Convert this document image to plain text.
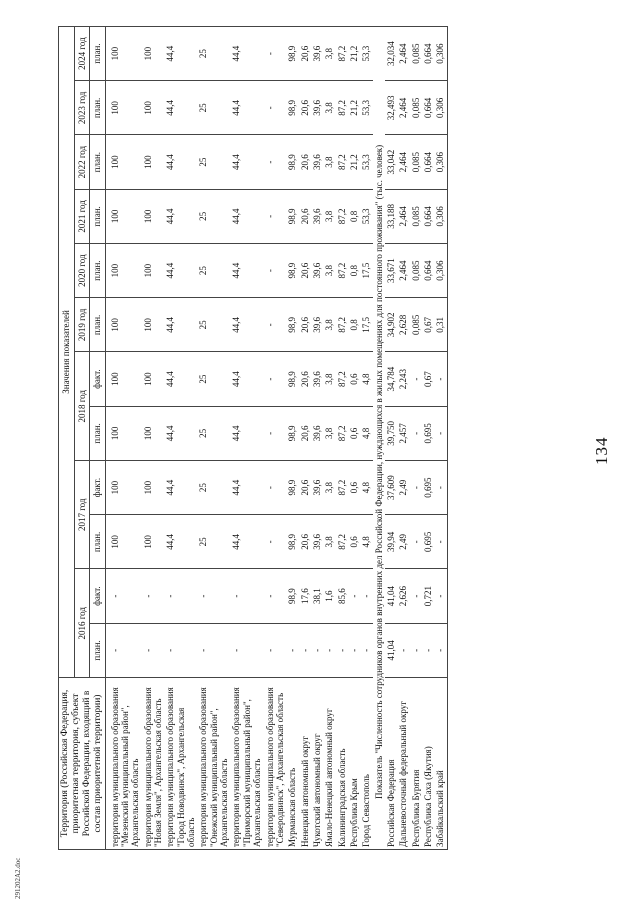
134
291202A2.doc
Территория (Российская Федерация, приоритетная территория, субъект Российской Федерации, входящий в состав приоритетной территории)	Значения показателей											
	2016 год		2017 год		2018 год		2019 год	2020 год	2021 год	2022 год	2023 год	2024 год
	план.	факт.	план.	факт.	план.	факт.	план.	план.	план.	план.	план.	план.
территория муниципального образования "Мезенский муниципальный район", Архангельская область	-	-	100	100	100	100	100	100	100	100	100	100
территория муниципального образования "Новая Земля", Архангельская область	-	-	100	100	100	100	100	100	100	100	100	100
территория муниципального образования "Город Новодвинск", Архангельская область	-	-	44,4	44,4	44,4	44,4	44,4	44,4	44,4	44,4	44,4	44,4
территория муниципального образования "Онежский муниципальный район", Архангельская область	-	-	25	25	25	25	25	25	25	25	25	25
территория муниципального образования "Приморский муниципальный район", Архангельская область	-	-	44,4	44,4	44,4	44,4	44,4	44,4	44,4	44,4	44,4	44,4
территория муниципального образования "Северодвинск", Архангельская область	-	-	-	-	-	-	-	-	-	-	-	-
Мурманская область	-	98,9	98,9	98,9	98,9	98,9	98,9	98,9	98,9	98,9	98,9	98,9
Ненецкий автономный округ	-	17,6	20,6	20,6	20,6	20,6	20,6	20,6	20,6	20,6	20,6	20,6
Чукотский автономный округ	-	38,1	39,6	39,6	39,6	39,6	39,6	39,6	39,6	39,6	39,6	39,6
Ямало-Ненецкий автономный округ	-	1,6	3,8	3,8	3,8	3,8	3,8	3,8	3,8	3,8	3,8	3,8
Калининградская область	-	85,6	87,2	87,2	87,2	87,2	87,2	87,2	87,2	87,2	87,2	87,2
Республика Крым	-	-	0,6	0,6	0,6	0,6	0,8	0,8	0,8	21,2	21,2	21,2
Город Севастополь	-	-	4,8	4,8	4,8	4,8	17,5	17,5	53,3	53,3	53,3	53,3
Показатель "Численность сотрудников органов внутренних дел Российской Федерации, нуждающихся в жилых помещениях для постоянного проживания" (тыс. человек)												
Российская Федерация	41,04	41,04	39,94	37,609	39,750	34,784	34,902	33,671	33,188	33,042	32,493	32,034
Дальневосточный федеральный округ	-	2,626	2,49	2,49	2,457	2,243	2,628	2,464	2,464	2,464	2,464	2,464
Республика Бурятия	-	-	-	-	-	-	0,085	0,085	0,085	0,085	0,085	0,085
Республика Саха (Якутия)	-	0,721	0,695	0,695	0,695	0,67	0,67	0,664	0,664	0,664	0,664	0,664
Забайкальский край	-	-	-	-	-	-	0,31	0,306	0,306	0,306	0,306	0,306
